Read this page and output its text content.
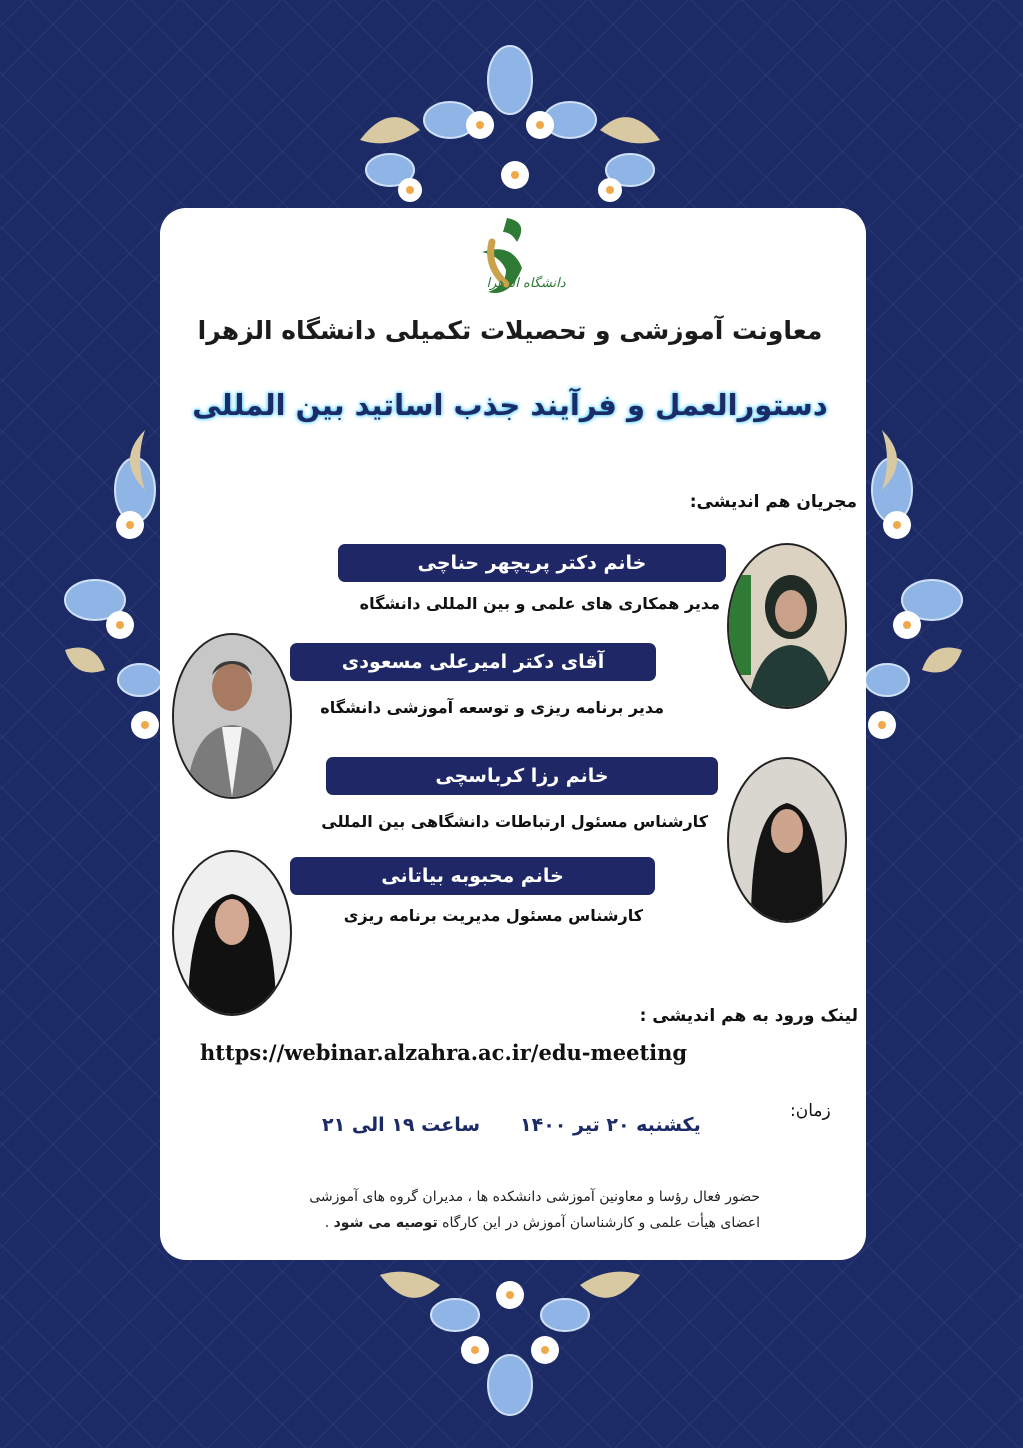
دانشگاه الزهرا
معاونت آموزشی و تحصیلات تکمیلی دانشگاه الزهرا
دستورالعمل و فرآیند جذب اساتید بین المللی
مجریان هم اندیشی:
خانم دکتر پریچهر حناچی
مدیر همکاری های علمی و بین المللی دانشگاه
آقای دکتر امیرعلی مسعودی
مدیر برنامه ریزی و توسعه آموزشی دانشگاه
خانم رزا کرباسچی
کارشناس مسئول ارتباطات دانشگاهی بین المللی
خانم محبوبه بیاتانی
کارشناس مسئول مدیریت برنامه ریزی
لینک ورود به هم اندیشی :
https://webinar.alzahra.ac.ir/edu-meeting
زمان:
یکشنبه ۲۰ تیر ۱۴۰۰
ساعت ۱۹ الی ۲۱
حضور فعال رؤسا و معاونین آموزشی دانشکده ها ، مدیران گروه های آموزشی
اعضای هیأت علمی و کارشناسان آموزش در این کارگاه توصیه می شود .
